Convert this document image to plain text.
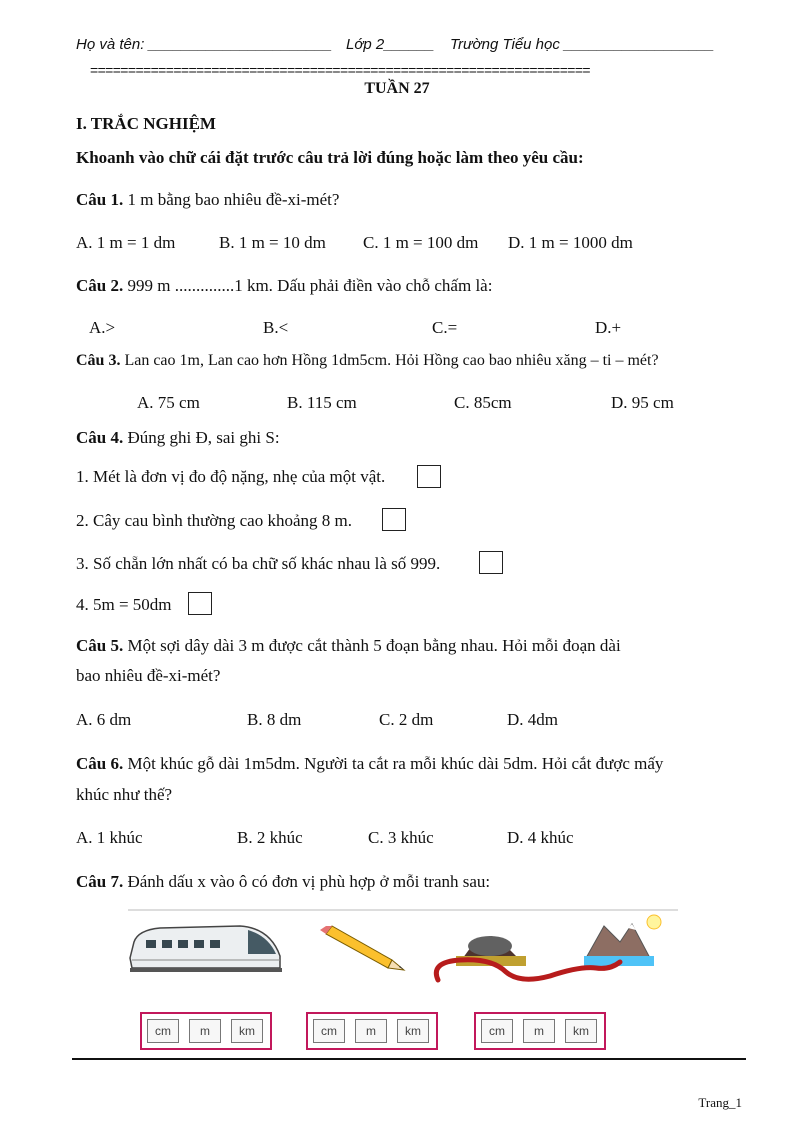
Họ và tên: ______________________ Lớp 2______ Trường Tiểu học __________________
==================================================================
TUẦN 27
I. TRẮC NGHIỆM
Khoanh vào chữ cái đặt trước câu trả lời đúng hoặc làm theo yêu cầu:
Câu 1. 1 m bằng bao nhiêu đề-xi-mét?
A. 1 m = 1 dm	B. 1 m = 10 dm C. 1 m = 100 dm D. 1 m = 1000 dm
Câu 2. 999 m ..............1 km. Dấu phải điền vào chỗ chấm là:
A.>	B.<	C.=	D.+
Câu 3. Lan cao 1m, Lan cao hơn Hồng 1dm5cm. Hỏi Hồng cao bao nhiêu xăng – ti – mét?
A. 75 cm	B. 115 cm	C. 85cm	D. 95 cm
Câu 4. Đúng ghi Đ, sai ghi S:
1. Mét là đơn vị đo độ nặng, nhẹ của một vật.
2. Cây cau bình thường cao khoảng 8 m.
3. Số chẵn lớn nhất có ba chữ số khác nhau là số 999.
4. 5m = 50dm
Câu 5. Một sợi dây dài 3 m được cắt thành 5 đoạn bằng nhau. Hỏi mỗi đoạn dài
bao nhiêu đề-xi-mét?
A. 6 dm	B. 8 dm	C. 2 dm	D. 4dm
Câu 6. Một khúc gỗ dài 1m5dm. Người ta cắt ra mỗi khúc dài 5dm. Hỏi cắt được mấy
khúc như thế?
A. 1 khúc	B. 2 khúc	C. 3 khúc	D. 4 khúc
Câu 7. Đánh dấu x vào ô có đơn vị phù hợp ở mỗi tranh sau:
cm	m	km	cm	m	km	cm	m	km
Trang_1
